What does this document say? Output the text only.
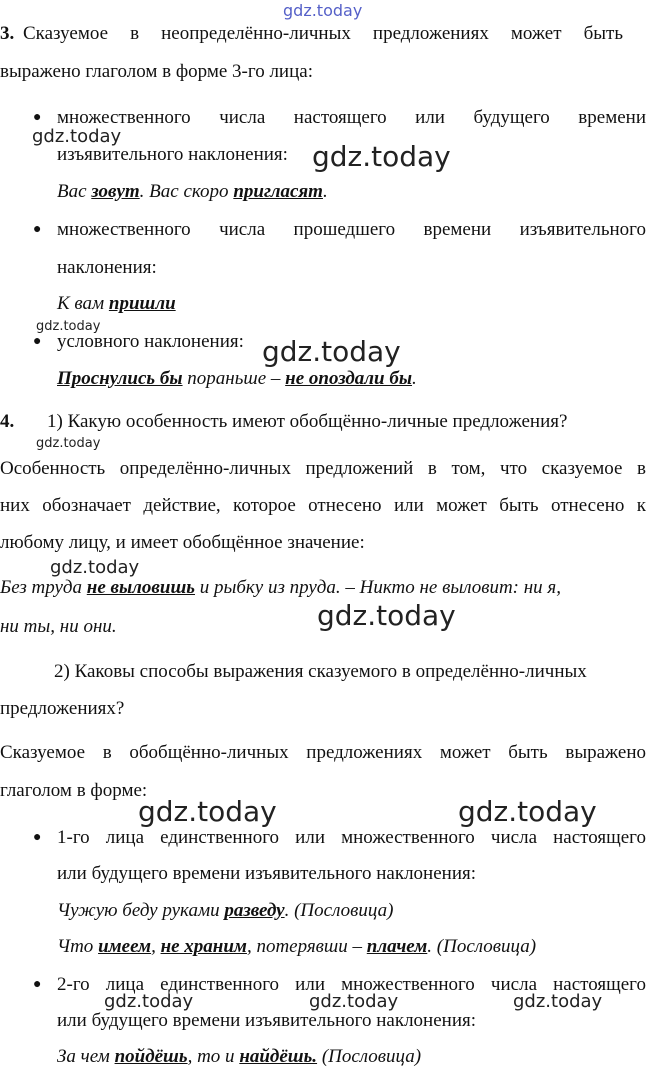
3. Сказуемое в неопределённо-личных предложениях может быть
выражено глаголом в форме 3-го лица:
● множественного числа настоящего или будущего времени
изъявительного наклонения:
Вас зовут. Вас скоро пригласят.
● множественного числа прошедшего времени изъявительного
наклонения:
К вам пришли
● условного наклонения:
Проснулись бы пораньше – не опоздали бы.
4. 1) Какую особенность имеют обобщённо-личные предложения?
Особенность определённо-личных предложений в том, что сказуемое в
них обозначает действие, которое отнесено или может быть отнесено к
любому лицу, и имеет обобщённое значение:
Без труда не выловишь и рыбку из пруда. – Никто не выловит: ни я,
ни ты, ни они.
2) Каковы способы выражения сказуемого в определённо-личных
предложениях?
Сказуемое в обобщённо-личных предложениях может быть выражено
глаголом в форме:
● 1-го лица единственного или множественного числа настоящего
или будущего времени изъявительного наклонения:
Чужую беду руками разведу. (Пословица)
Что имеем, не храним, потерявши – плачем. (Пословица)
● 2-го лица единственного или множественного числа настоящего
или будущего времени изъявительного наклонения:
За чем пойдёшь, то и найдёшь. (Пословица)
gdz.today
gdz.today
gdz.today
gdz.today
gdz.today
gdz.today
gdz.today
gdz.today
gdz.today	gdz.today
gdz.today	gdz.today	gdz.today
